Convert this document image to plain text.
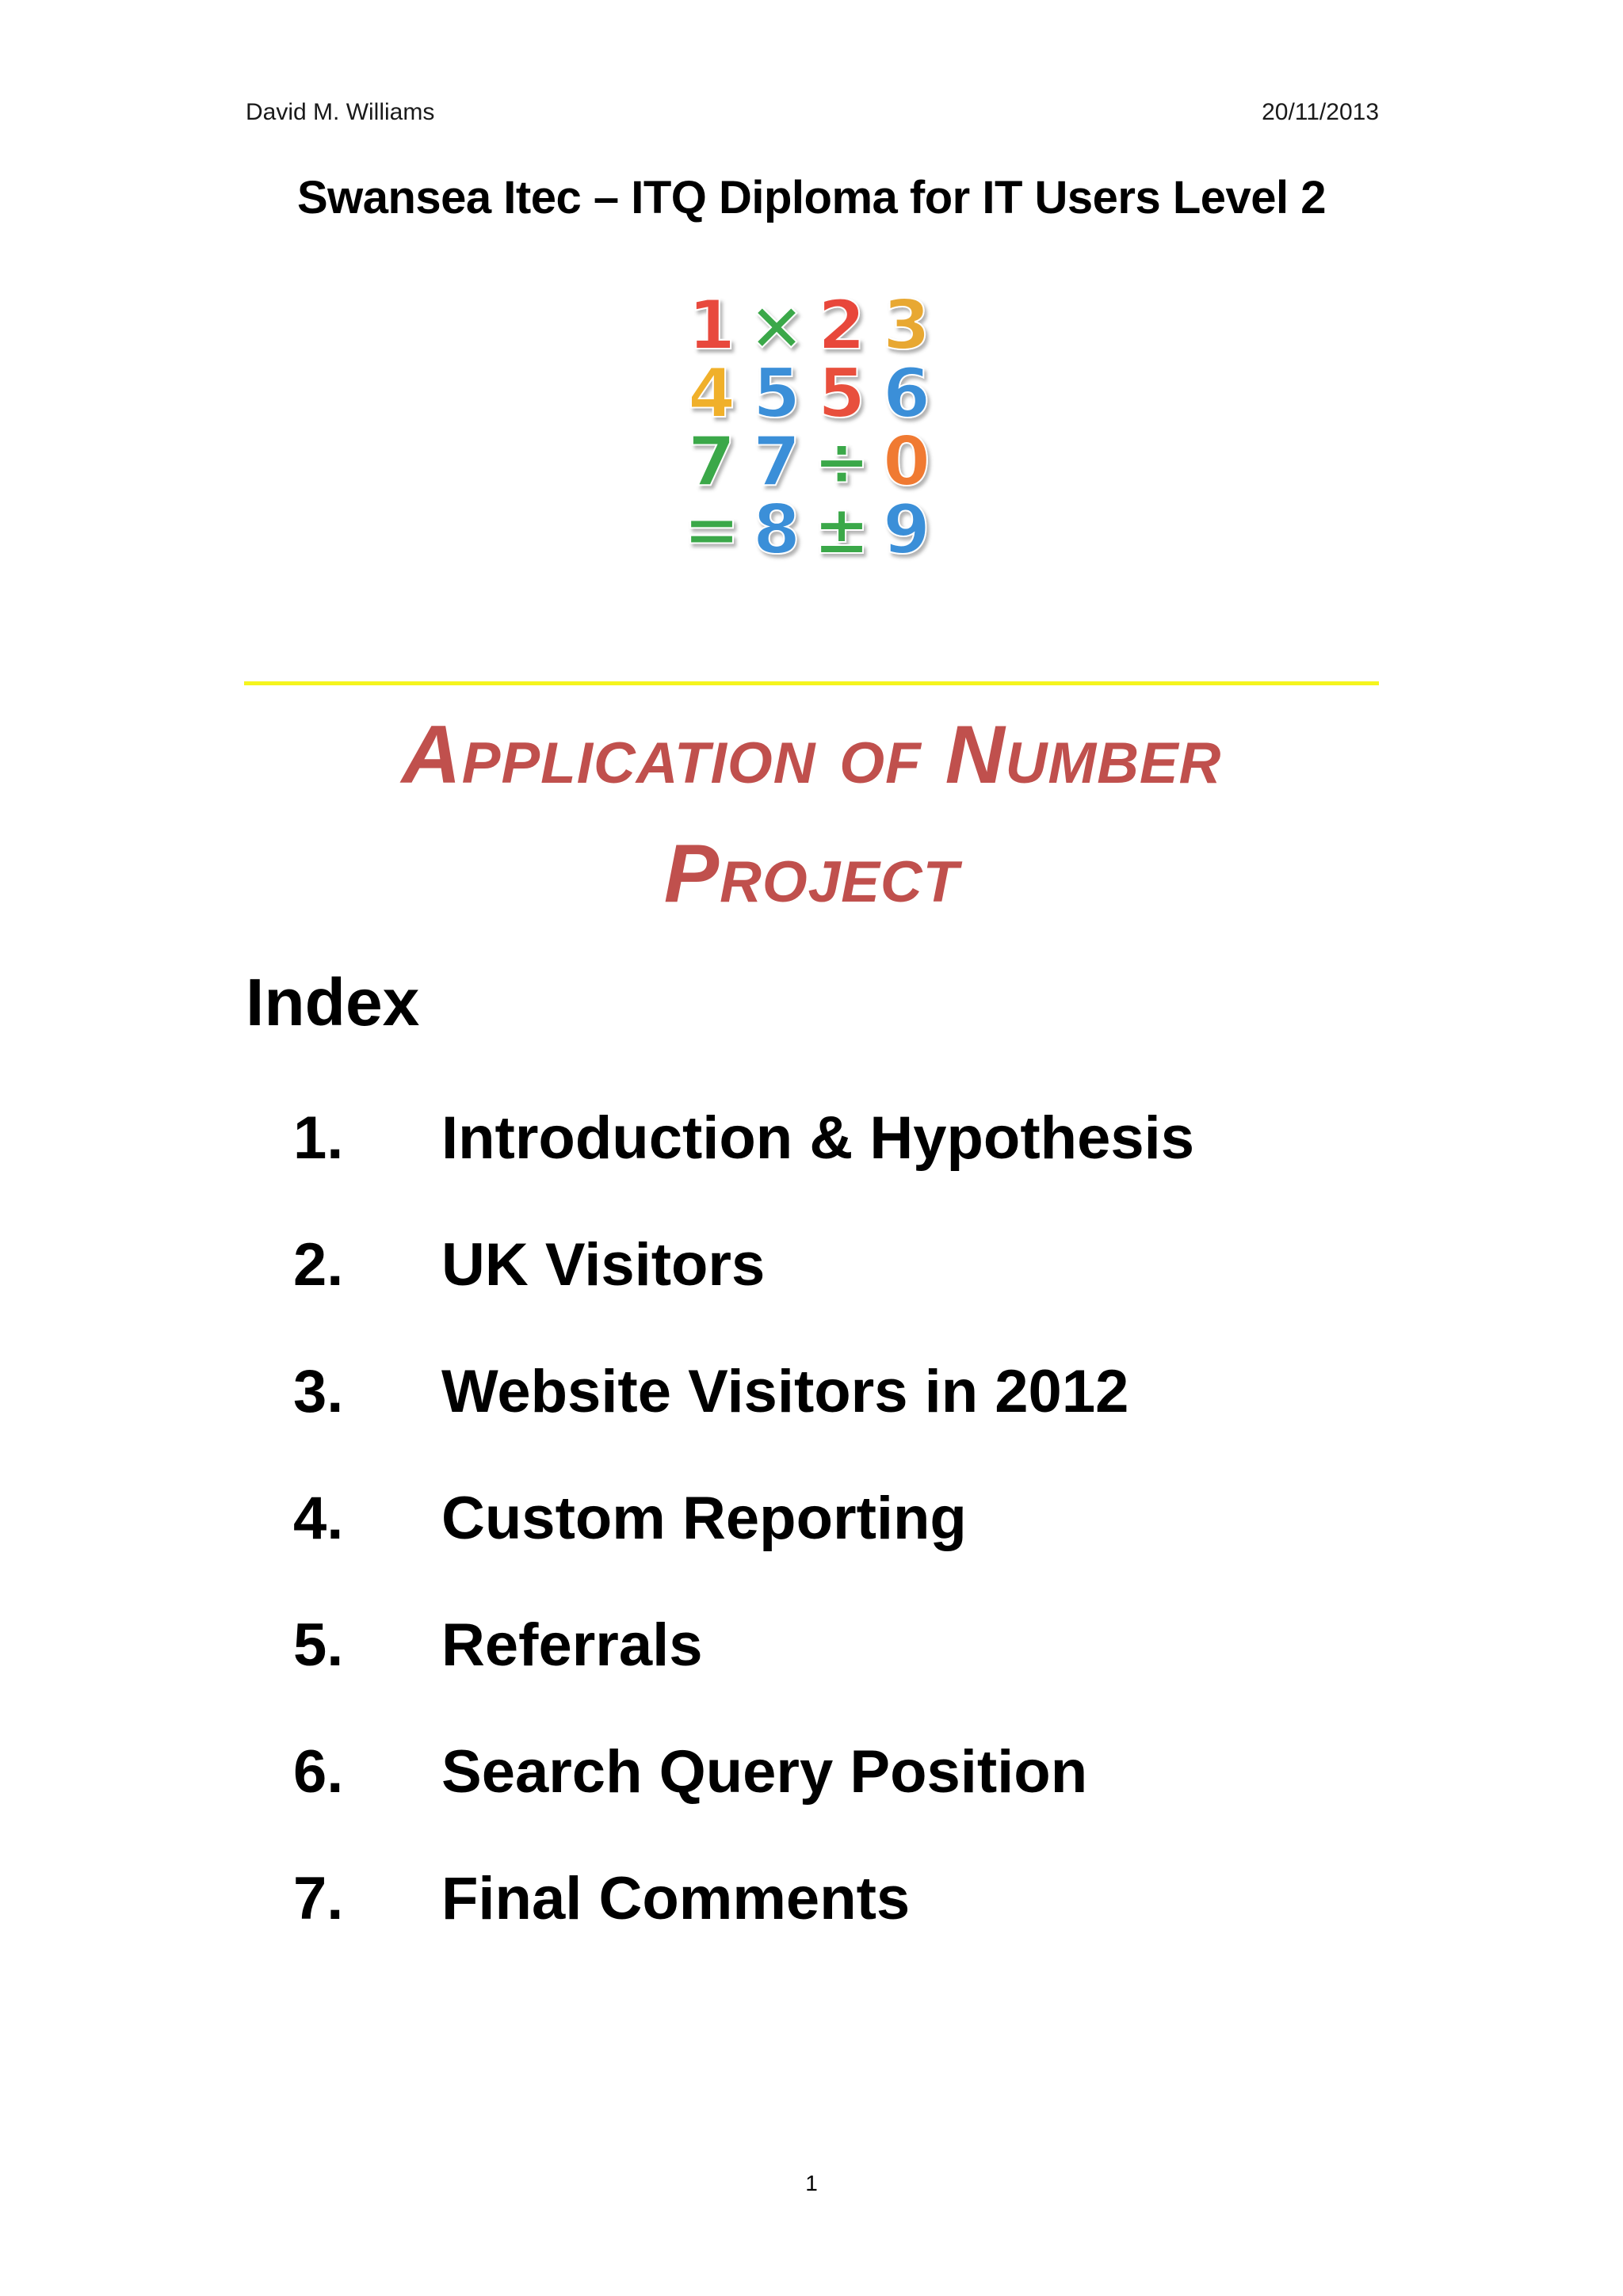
David M. Williams	20/11/2013
Swansea Itec – ITQ Diploma for IT Users Level 2
1 × 2 3
4 5 5 6
7 7 ÷ 0
= 8 ± 9
Application of Number
Project
Index
1. Introduction & Hypothesis
2. UK Visitors
3. Website Visitors in 2012
4. Custom Reporting
5. Referrals
6. Search Query Position
7. Final Comments
1
